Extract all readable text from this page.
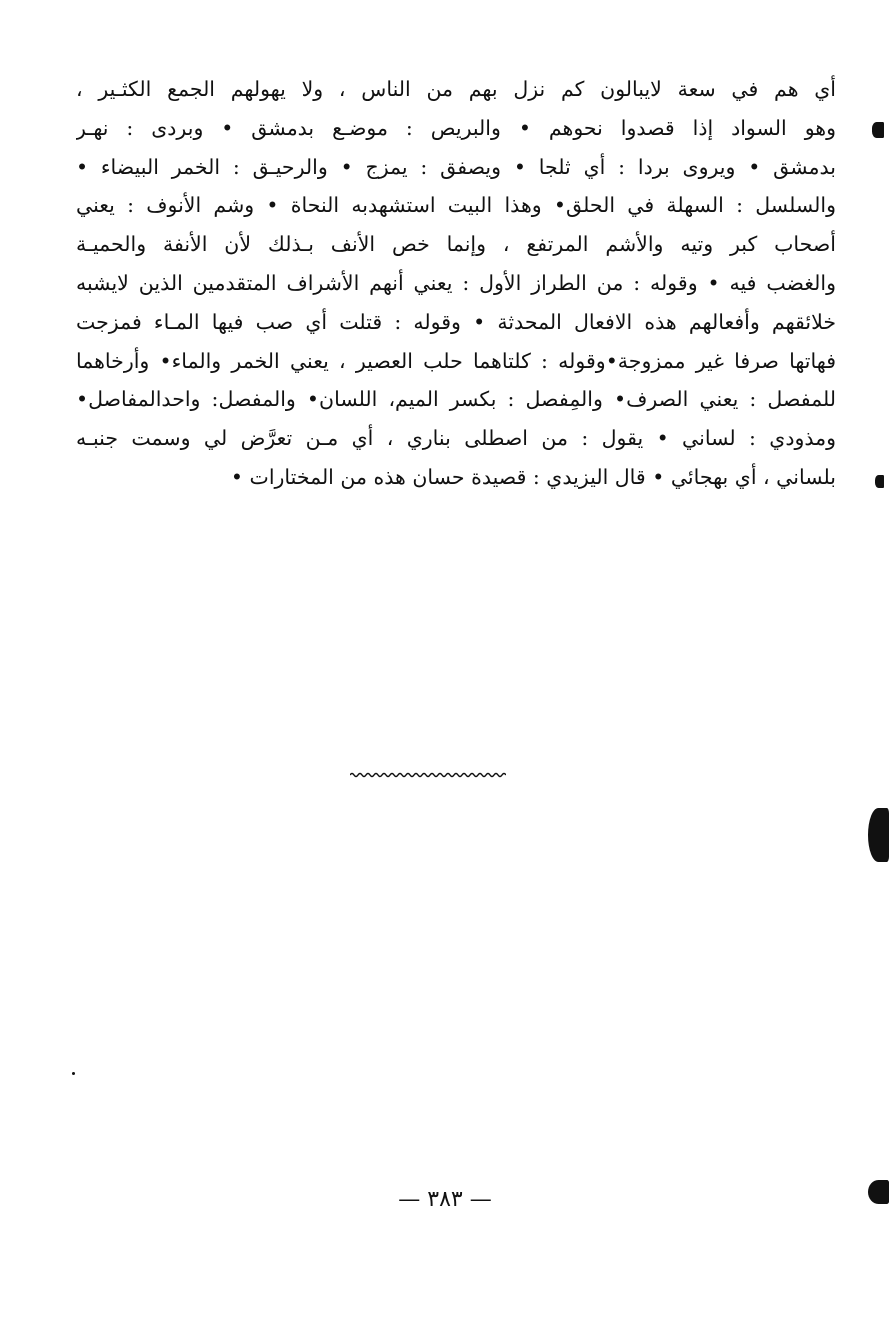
أي هم في سعة لايبالون كم نزل بهم من الناس ، ولا يهولهم الجمع الكثـير ،
وهو السواد إذا قصدوا نحوهم • والبريص : موضـع بدمشق • وبردى : نهـر
بدمشق • ويروى بردا : أي ثلجا • ويصفق : يمزج • والرحيـق : الخمر البيضاء •
والسلسل : السهلة في الحلق• وهذا البيت استشهدبه النحاة • وشم الأنوف : يعني
أصحاب كبر وتيه والأشم المرتفع ، وإنما خص الأنف بـذلك لأن الأنفة والحميـة
والغضب فيه • وقوله : من الطراز الأول : يعني أنهم الأشراف المتقدمين الذين لايشبه
خلائقهم وأفعالهم هذه الافعال المحدثة • وقوله : قتلت أي صب فيها المـاء فمزجت
فهاتها صرفا غير ممزوجة•وقوله : كلتاهما حلب العصير ، يعني الخمر والماء• وأرخاهما
للمفصل : يعني الصرف• والمِفصل : بكسر الميم، اللسان• والمفصل: واحدالمفاصل•
ومذودي : لساني • يقول : من اصطلى بناري ، أي مـن تعرَّض لي وسمت جنبـه
بلساني ، أي بهجائي • قال اليزيدي : قصيدة حسان هذه من المختارات •
— ٣٨٣ —
